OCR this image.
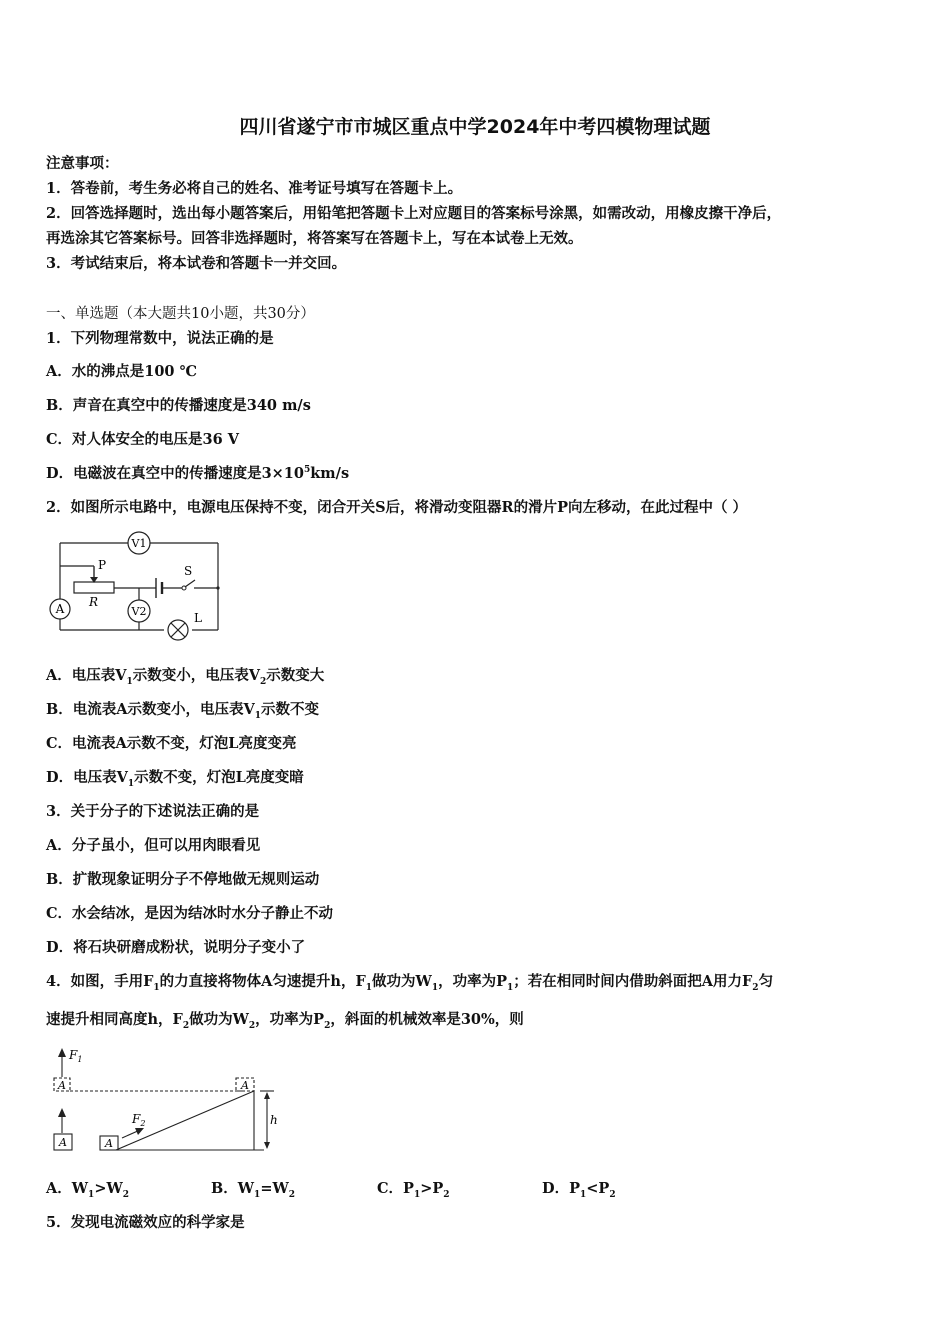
四川省遂宁市市城区重点中学2024年中考四模物理试题
注意事项：
1．答卷前，考生务必将自己的姓名、准考证号填写在答题卡上。
2．回答选择题时，选出每小题答案后，用铅笔把答题卡上对应题目的答案标号涂黑，如需改动，用橡皮擦干净后，
再选涂其它答案标号。回答非选择题时，将答案写在答题卡上，写在本试卷上无效。
3．考试结束后，将本试卷和答题卡一并交回。
一、单选题（本大题共10小题，共30分）
1．下列物理常数中，说法正确的是
A．水的沸点是100 ℃
B．声音在真空中的传播速度是340 m/s
C．对人体安全的电压是36 V
D．电磁波在真空中的传播速度是$3\times 10^5km/s$
2．如图所示电路中，电源电压保持不变，闭合开关S后，将滑动变阻器R的滑片P向左移动，在此过程中（ ）
V1
V2
A
P
R
S
L
A．电压表$V_1$示数变小，电压表$V_2$示数变大
B．电流表A示数变小，电压表$V_1$示数不变
C．电流表A示数不变，灯泡L亮度变亮
D．电压表$V_1$示数不变，灯泡L亮度变暗
3．关于分子的下述说法正确的是
A．分子虽小，但可以用肉眼看见
B．扩散现象证明分子不停地做无规则运动
C．水会结冰，是因为结冰时水分子静止不动
D．将石块研磨成粉状，说明分子变小了
4．如图，手用$F_1$的力直接将物体A匀速提升h，$F_1$做功为$W_1$，功率为$P_1$；若在相同时间内借助斜面把A用力$F_2$匀
速提升相同高度h，$F_2$做功为$W_2$，功率为$P_2$，斜面的机械效率是30%，则
$F_1$
$F_2$
A
A	A
A
h
A．$W_1>W_2$	B．$W_1=W_2$	C．$P_1>P_2$	D．$P_1<P_2$
5．发现电流磁效应的科学家是
